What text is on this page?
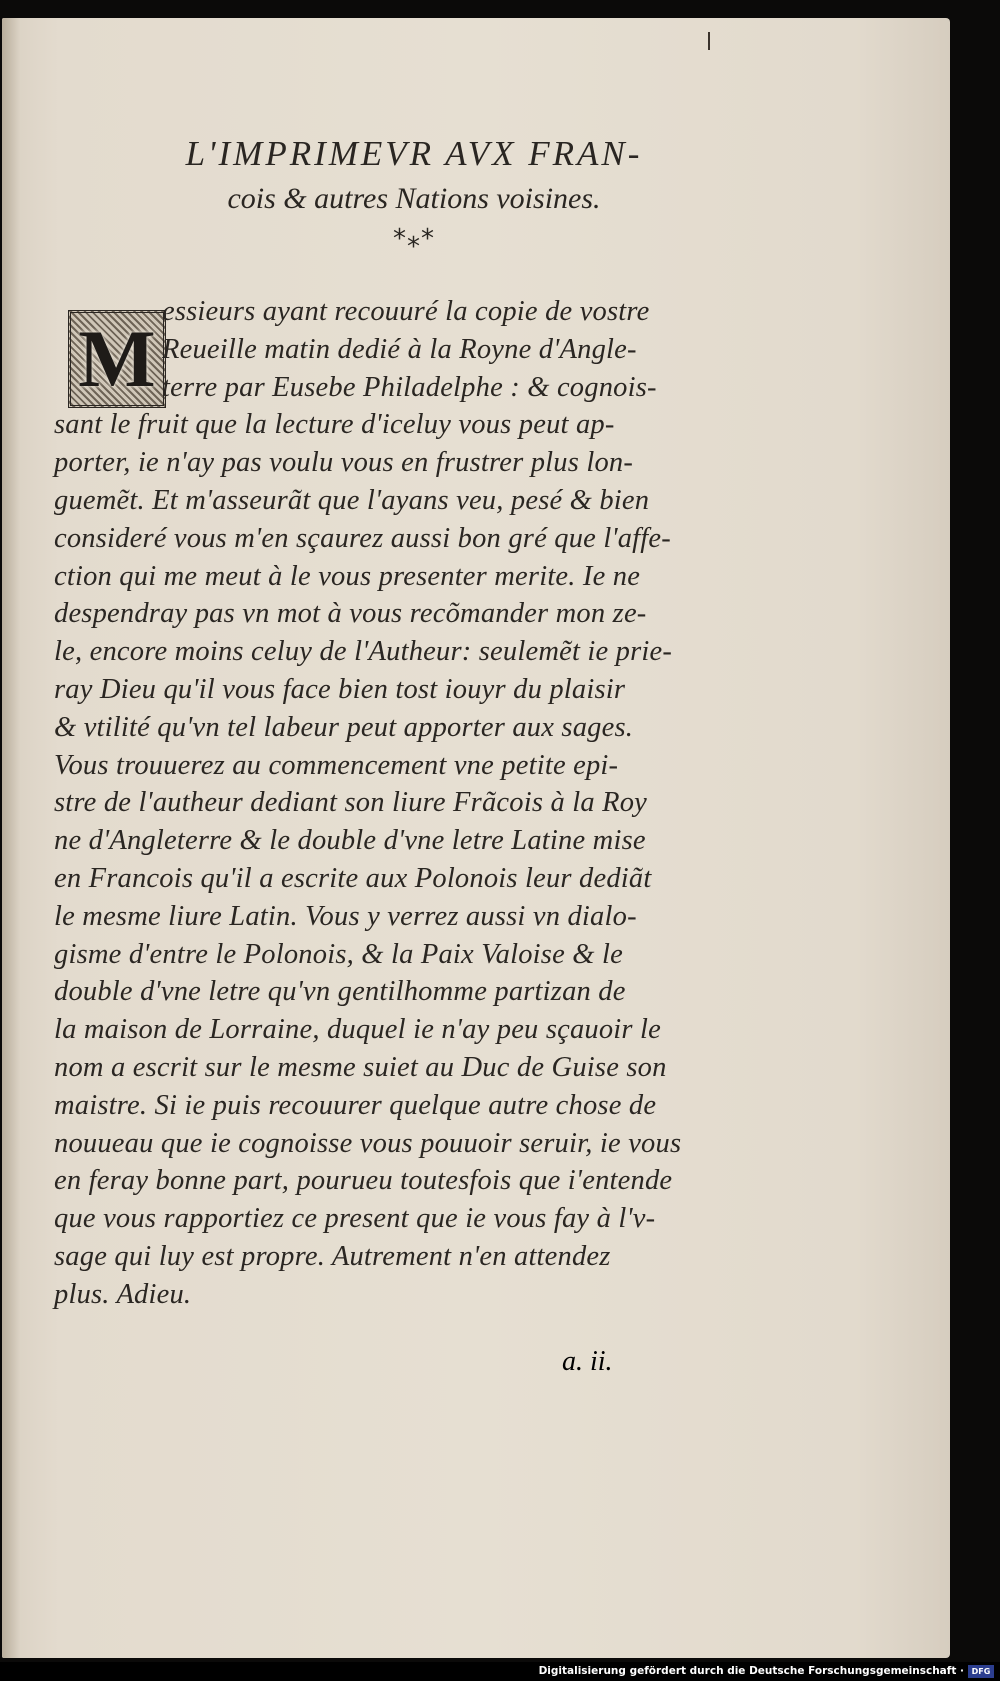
L'IMPRIMEVR AVX FRAN-
cois & autres Nations voisines.
*⁎*
M
essieurs ayant recouuré la copie de vostre
Reueille matin dedié à la Royne d'Angle-
terre par Eusebe Philadelphe : & cognois-
sant le fruit que la lecture d'iceluy vous peut ap-
porter, ie n'ay pas voulu vous en frustrer plus lon-
guemẽt. Et m'asseurãt que l'ayans veu, pesé & bien
consideré vous m'en sçaurez aussi bon gré que l'affe-
ction qui me meut à le vous presenter merite. Ie ne
despendray pas vn mot à vous recõmander mon ze-
le, encore moins celuy de l'Autheur: seulemẽt ie prie-
ray Dieu qu'il vous face bien tost iouyr du plaisir
& vtilité qu'vn tel labeur peut apporter aux sages.
Vous trouuerez au commencement vne petite epi-
stre de l'autheur dediant son liure Frãcois à la Roy
ne d'Angleterre & le double d'vne letre Latine mise
en Francois qu'il a escrite aux Polonois leur dediãt
le mesme liure Latin. Vous y verrez aussi vn dialo-
gisme d'entre le Polonois, & la Paix Valoise & le
double d'vne letre qu'vn gentilhomme partizan de
la maison de Lorraine, duquel ie n'ay peu sçauoir le
nom a escrit sur le mesme suiet au Duc de Guise son
maistre. Si ie puis recouurer quelque autre chose de
nouueau que ie cognoisse vous pouuoir seruir, ie vous
en feray bonne part, pourueu toutesfois que i'entende
que vous rapportiez ce present que ie vous fay à l'v-
sage qui luy est propre. Autrement n'en attendez
plus. Adieu.
a. ii.
Digitalisierung gefördert durch die Deutsche Forschungsgemeinschaft · DFG
